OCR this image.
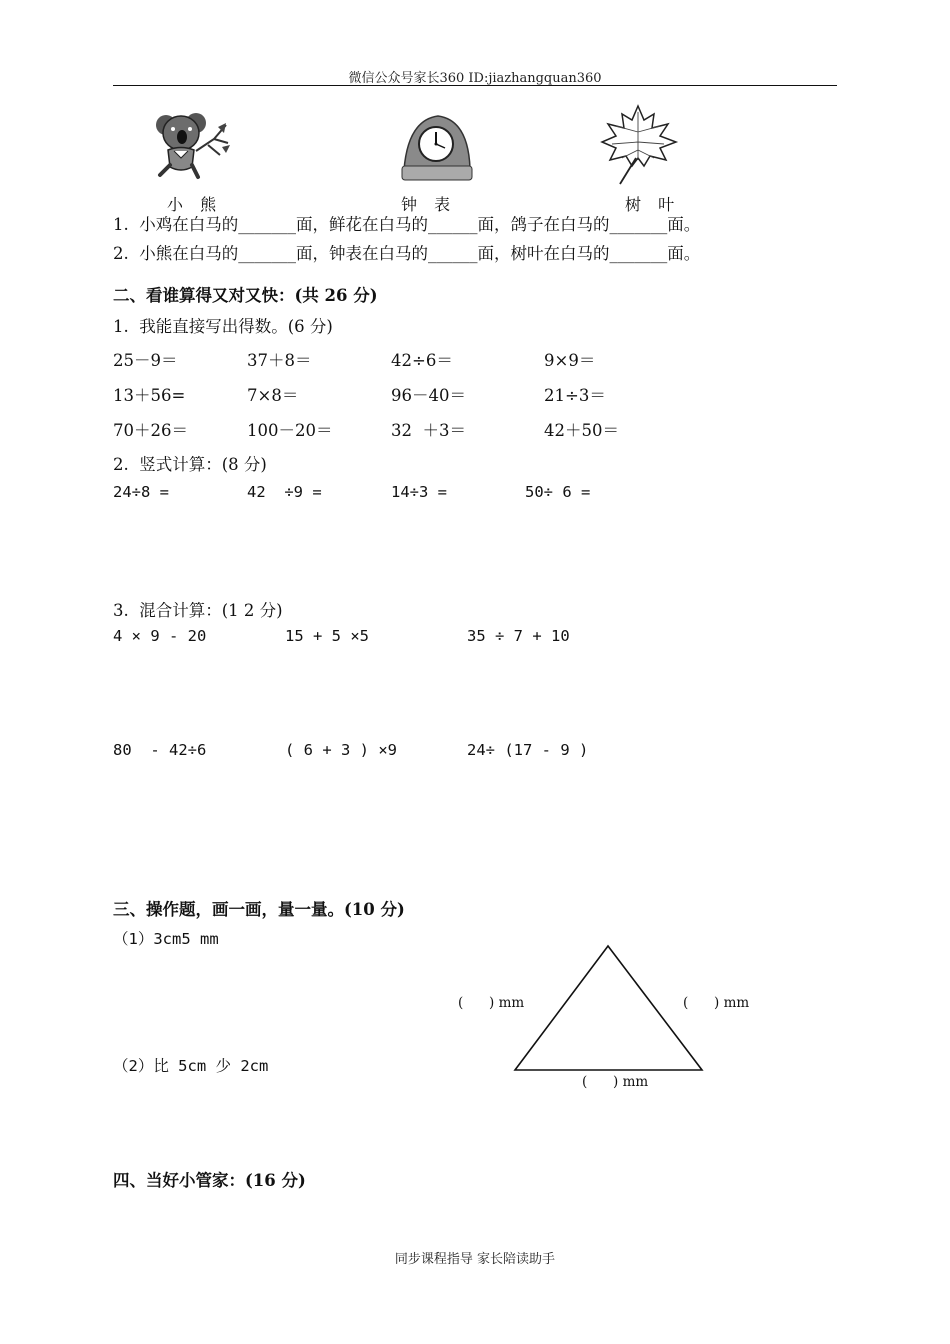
微信公众号家长360 ID:jiazhangquan360
小 熊	钟 表	树 叶
1.  小鸡在白马的_______面，鲜花在白马的______面，鸽子在白马的_______面。
2.  小熊在白马的_______面，钟表在白马的______面，树叶在白马的_______面。
二、看谁算得又对又快：(共 26 分)
1.  我能直接写出得数。(6 分)
25－9＝	37＋8＝	42÷6＝	9×9＝
13＋56=	7×8＝	96－40＝	21÷3＝
70＋26＝	100－20＝	32  ＋3＝	42＋50＝
2.  竖式计算：(8 分)
24÷8 =	42  ÷9 =	14÷3 =	50÷ 6 =
3.  混合计算：(1 2 分)
4 × 9 - 20	15 + 5 ×5	35 ÷ 7 + 10
80  - 42÷6	( 6 + 3 ) ×9	24÷ (17 - 9 )
三、操作题，画一画，量一量。(10 分)
（1）3cm5 mm
（2）比 5cm 少 2cm
(      ) mm	(      ) mm
(      ) mm
四、当好小管家：(16 分)
同步课程指导 家长陪读助手
